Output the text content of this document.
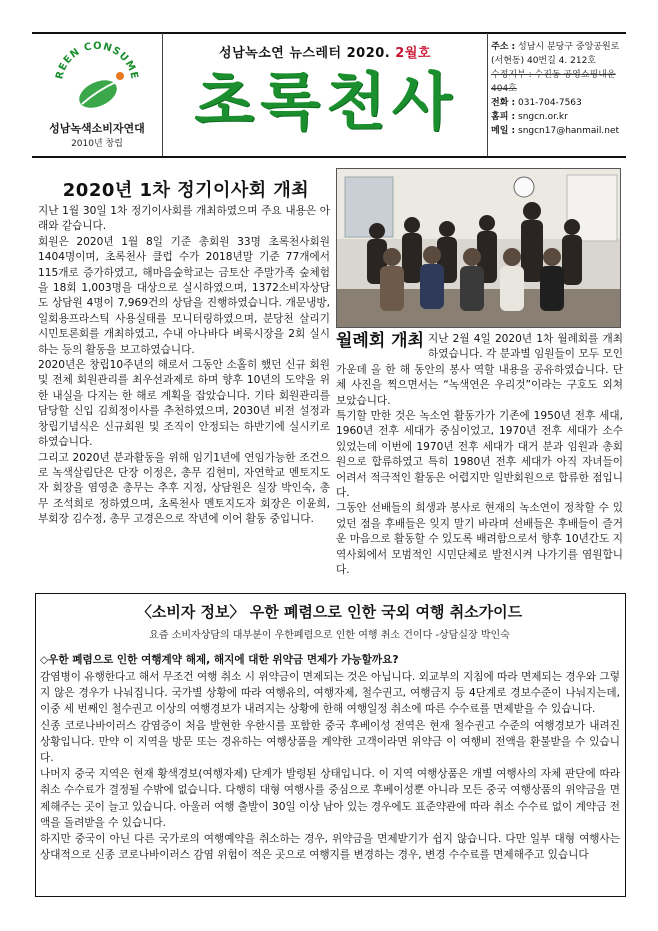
REEN CONSUME
성남녹색소비자연대
2010년 창립
성남녹소연 뉴스레터 2020. 2월호
초록천사
주소 : 성남시 분당구 중앙공원로 (서현동) 40번길 4. 212호
수정지부 : 수진동 공영쇼핑내운 404호
전화 : 031-704-7563
홈피 : sngcn.or.kr
메일 : sngcn17@hanmail.net
2020년 1차 정기이사회 개최

지난 1월 30일 1차 정기이사회를 개최하였으며 주요 내용은 아래와 같습니다.

회원은 2020년 1월 8일 기준 총회원 33명 초록천사회원 1404명이며, 초록천사 클럽 수가 2018년말 기준 77개에서 115개로 증가하였고, 해마음숲학교는 금토산 주말가족 숲체험을 18회 1,003명을 대상으로 실시하였으며, 1372소비자상담도 상담원 4명이 7,969건의 상담을 진행하였습니다. 개문냉방, 일회용프라스틱 사용실태를 모니터링하였으며, 분당천 살리기 시민토론회를 개최하였고, 수내 아나바다 벼룩시장을 2회 실시하는 등의 활동을 보고하였습니다.

2020년은 창립10주년의 해로서 그동안 소홀히 했던 신규 회원 및 전체 회원관리를 최우선과제로 하며 향후 10년의 도약을 위한 내실을 다지는 한 해로 계획을 잡았습니다. 기타 회원관리를 담당할 신입 김희정이사를 추천하였으며, 2030년 비전 설정과 창립기념식은 신규회원 및 조직이 안정되는 하반기에 실시키로 하였습니다.

그리고 2020년 분과활동을 위해 임기1년에 연임가능한 조건으로 녹색살림단은 단장 이정은, 총무 김현미, 자연학교 멘토지도자 회장을 염영춘 총무는 추후 지정, 상담원은 실장 박인숙, 총무 조석희로 정하였으며, 초록천사 멘토지도자 회장은 이윤희, 부회장 김수정, 총무 고경은으로 작년에 이어 활동 중입니다.

월례회 개최 지난 2월 4일 2020년 1차 월례회를 개최하였습니다. 각 분과별 임원들이 모두 모인 가운데 올 한 해 동안의 봉사 역할 내용을 공유하였습니다. 단체 사진을 찍으면서는 “녹색연은 우리것”이라는 구호도 외쳐 보았습니다.

특기할 만한 것은 녹소연 활동가가 기존에 1950년 전후 세대, 1960년 전후 세대가 중심이었고, 1970년 전후 세대가 소수 있었는데 이번에 1970년 전후 세대가 대거 분과 임원과 총회원으로 합류하였고 특히 1980년 전후 세대가 아직 자녀들이 어려서 적극적인 활동은 어렵지만 일반회원으로 합류한 점입니다.

그동안 선배들의 희생과 봉사로 현재의 녹소연이 정착할 수 있었던 점을 후배들은 잊지 말기 바라며 선배들은 후배들이 즐거운 마음으로 활동할 수 있도록 배려함으로서 향후 10년간도 지역사회에서 모범적인 시민단체로 발전시켜 나가기를 염원합니다.

〈소비자 정보〉 우한 폐렴으로 인한 국외 여행 취소가이드
요즘 소비자상담의 대부분이 우한폐렴으로 인한 여행 취소 건이다 -상담실장 박인숙
◇우한 폐렴으로 인한 여행계약 해제, 해지에 대한 위약금 면제가 가능할까요?

감염병이 유행한다고 해서 무조건 여행 취소 시 위약금이 면제되는 것은 아닙니다. 외교부의 지침에 따라 면제되는 경우와 그렇지 않은 경우가 나눠집니다. 국가별 상황에 따라 여행유의, 여행자제, 철수권고, 여행금지 등 4단계로 경보수준이 나눠지는데, 이중 세 번째인 철수권고 이상의 여행경보가 내려지는 상황에 한해 여행일정 취소에 따른 수수료를 면제받을 수 있습니다.

신종 코로나바이러스 감염증이 처음 발현한 우한시를 포함한 중국 후베이성 전역은 현재 철수권고 수준의 여행경보가 내려진 상황입니다. 만약 이 지역을 방문 또는 경유하는 여행상품을 계약한 고객이라면 위약금 이 여행비 전액을 환불받을 수 있습니다.

나머지 중국 지역은 현재 황색경보(여행자제) 단계가 발령된 상태입니다. 이 지역 여행상품은 개별 여행사의 자체 판단에 따라 취소 수수료가 결정될 수밖에 없습니다. 다행히 대형 여행사를 중심으로 후베이성뿐 아니라 모든 중국 여행상품의 위약금을 면제해주는 곳이 늘고 있습니다. 아울러 여행 출발이 30일 이상 남아 있는 경우에도 표준약관에 따라 취소 수수료 없이 계약금 전액을 돌려받을 수 있습니다.

하지만 중국이 아닌 다른 국가로의 여행예약을 취소하는 경우, 위약금을 면제받기가 쉽지 않습니다. 다만 일부 대형 여행사는 상대적으로 신종 코로나바이러스 감염 위험이 적은 곳으로 여행지를 변경하는 경우, 변경 수수료를 면제해주고 있습니다
